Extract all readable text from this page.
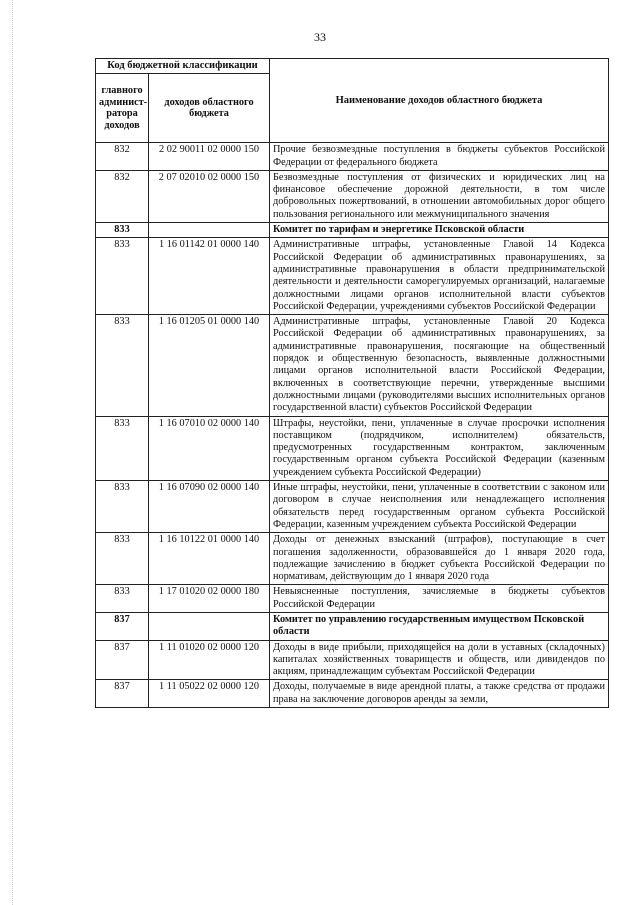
33
Код бюджетной классификации		Наименование доходов областного бюджета
главного админист-ратора доходов	доходов областного бюджета	
832	2 02 90011 02 0000 150	Прочие безвозмездные поступления в бюджеты субъектов Российской Федерации от федерального бюджета
832	2 07 02010 02 0000 150	Безвозмездные поступления от физических и юридических лиц на финансовое обеспечение дорожной деятельности, в том числе добровольных пожертвований, в отношении автомобильных дорог общего пользования регионального или межмуниципального значения
833		Комитет по тарифам и энергетике Псковской области
833	1 16 01142 01 0000 140	Административные штрафы, установленные Главой 14 Кодекса Российской Федерации об административных правонарушениях, за административные правонарушения в области предпринимательской деятельности и деятельности саморегулируемых организаций, налагаемые должностными лицами органов исполнительной власти субъектов Российской Федерации, учреждениями субъектов Российской Федерации
833	1 16 01205 01 0000 140	Административные штрафы, установленные Главой 20 Кодекса Российской Федерации об административных правонарушениях, за административные правонарушения, посягающие на общественный порядок и общественную безопасность, выявленные должностными лицами органов исполнительной власти Российской Федерации, включенных в соответствующие перечни, утвержденные высшими должностными лицами (руководителями высших исполнительных органов государственной власти) субъектов Российской Федерации
833	1 16 07010 02 0000 140	Штрафы, неустойки, пени, уплаченные в случае просрочки исполнения поставщиком (подрядчиком, исполнителем) обязательств, предусмотренных государственным контрактом, заключенным государственным органом субъекта Российской Федерации (казенным учреждением субъекта Российской Федерации)
833	1 16 07090 02 0000 140	Иные штрафы, неустойки, пени, уплаченные в соответствии с законом или договором в случае неисполнения или ненадлежащего исполнения обязательств перед государственным органом субъекта Российской Федерации, казенным учреждением субъекта Российской Федерации
833	1 16 10122 01 0000 140	Доходы от денежных взысканий (штрафов), поступающие в счет погашения задолженности, образовавшейся до 1 января 2020 года, подлежащие зачислению в бюджет субъекта Российской Федерации по нормативам, действующим до 1 января 2020 года
833	1 17 01020 02 0000 180	Невыясненные поступления, зачисляемые в бюджеты субъектов Российской Федерации
837		Комитет по управлению государственным имуществом Псковской области
837	1 11 01020 02 0000 120	Доходы в виде прибыли, приходящейся на доли в уставных (складочных) капиталах хозяйственных товариществ и обществ, или дивидендов по акциям, принадлежащим субъектам Российской Федерации
837	1 11 05022 02 0000 120	Доходы, получаемые в виде арендной платы, а также средства от продажи права на заключение договоров аренды за земли,
